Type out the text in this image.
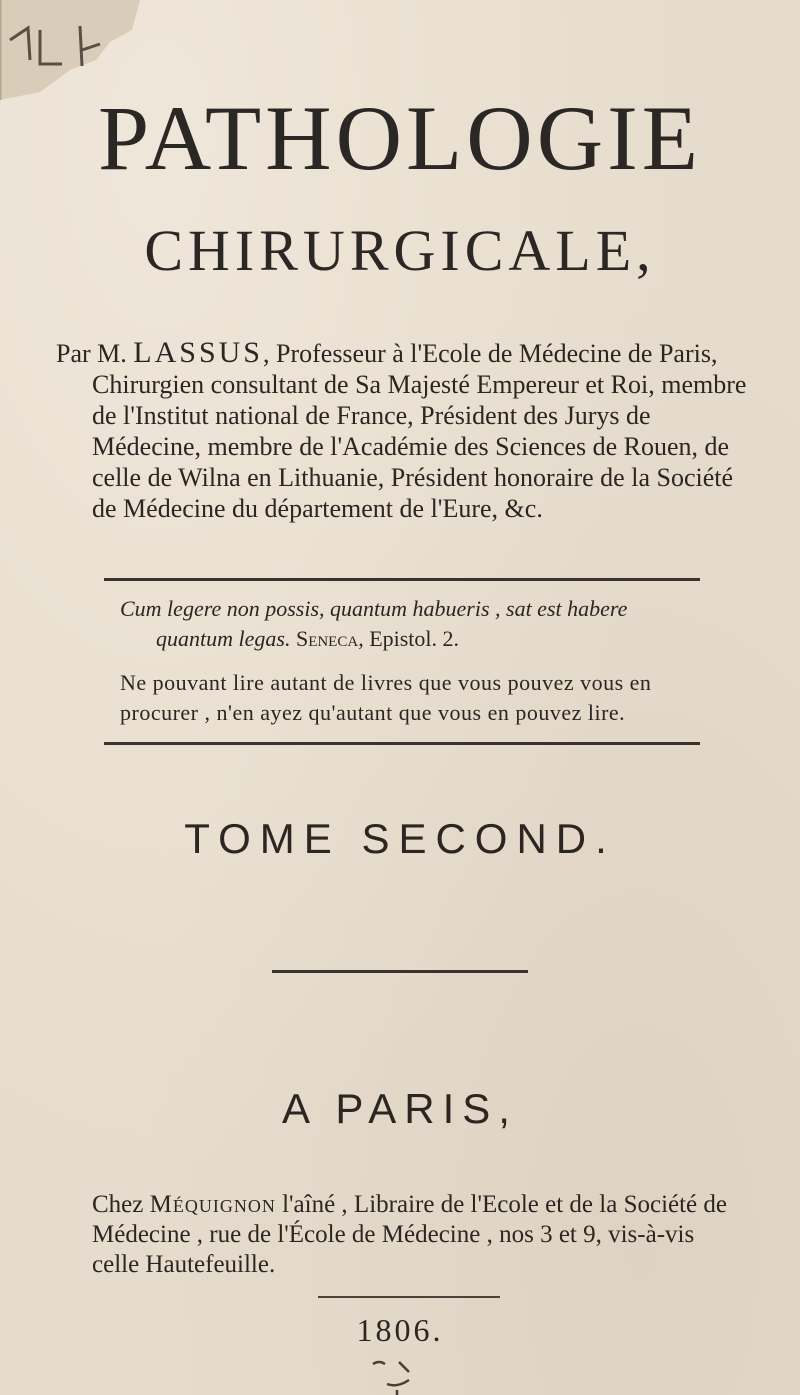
PATHOLOGIE
CHIRURGICALE,
Par M. LASSUS, Professeur à l'Ecole de Médecine de Paris, Chirurgien consultant de Sa Majesté Empereur et Roi, membre de l'Institut national de France, Président des Jurys de Médecine, membre de l'Académie des Sciences de Rouen, de celle de Wilna en Lithuanie, Président honoraire de la Société de Médecine du département de l'Eure, &c.
Cum legere non possis, quantum habueris , sat est habere
quantum legas. Seneca, Epistol. 2.
Ne pouvant lire autant de livres que vous pouvez vous en procurer , n'en ayez qu'autant que vous en pouvez lire.
TOME SECOND.
A PARIS,
Chez Méquignon l'aîné , Libraire de l'Ecole et de la Société de Médecine , rue de l'École de Médecine , nos 3 et 9, vis-à-vis celle Hautefeuille.
1806.
